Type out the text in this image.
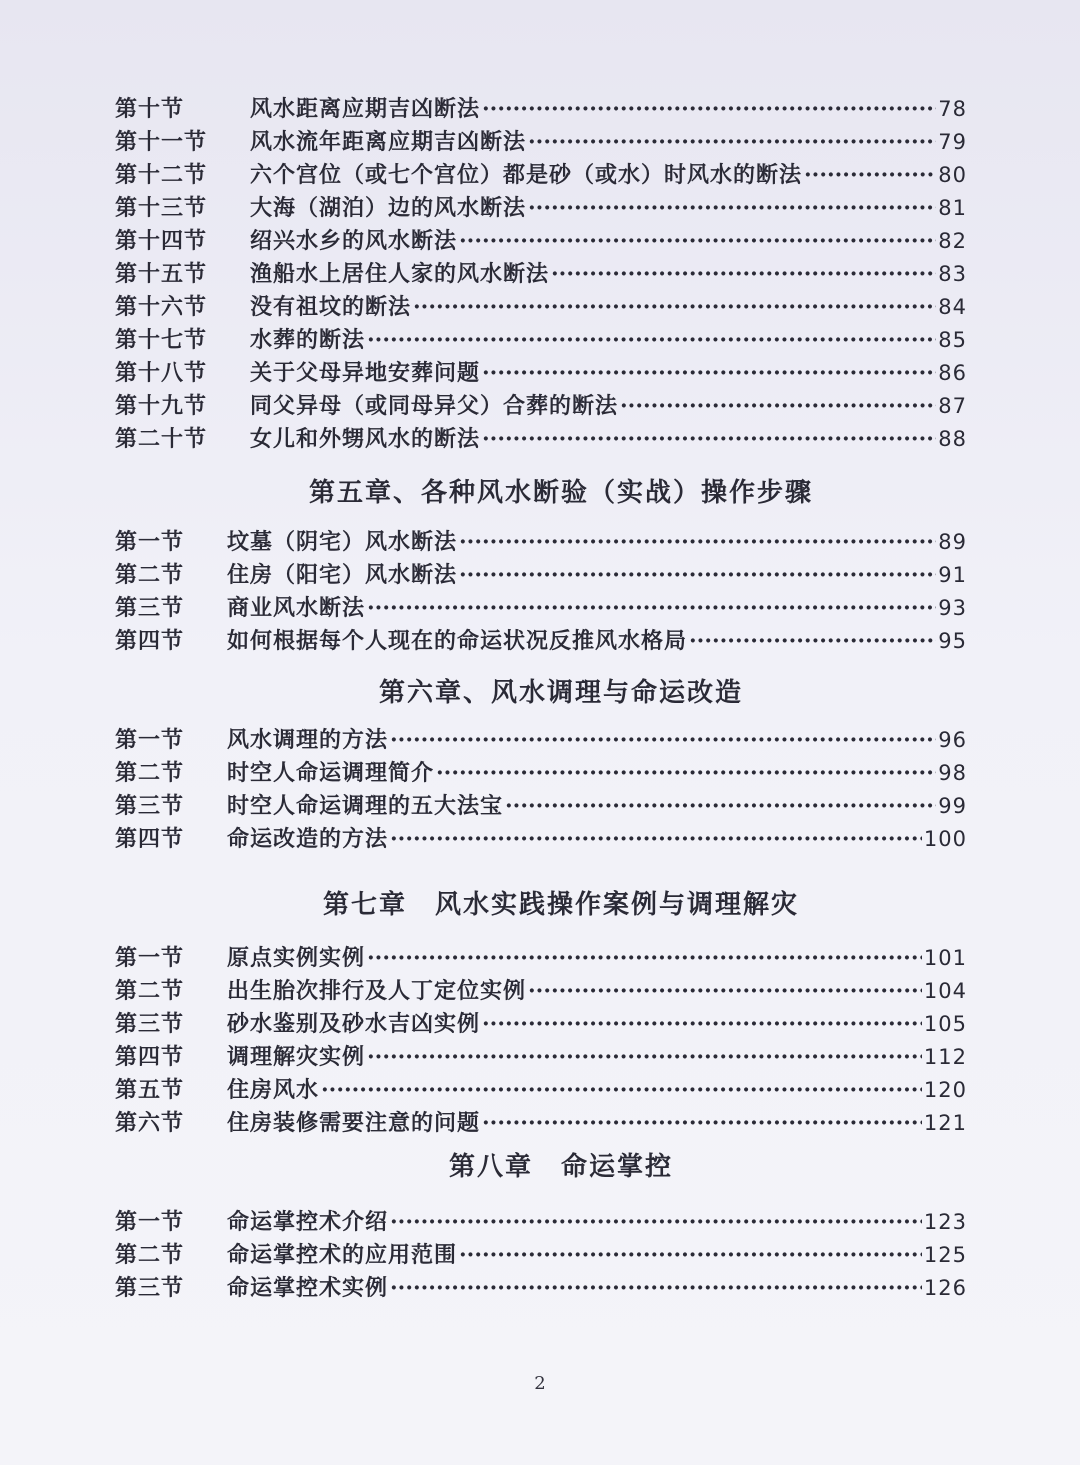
第十节	风水距离应期吉凶断法 ·····	78
第十一节	风水流年距离应期吉凶断法 ·····	79
第十二节	六个宫位（或七个宫位）都是砂（或水）时风水的断法 ·····	80
第十三节	大海（湖泊）边的风水断法 ·····	81
第十四节	绍兴水乡的风水断法 ·····	82
第十五节	渔船水上居住人家的风水断法 ·····	83
第十六节	没有祖坟的断法 ·····	84
第十七节	水葬的断法 ·····	85
第十八节	关于父母异地安葬问题 ·····	86
第十九节	同父异母（或同母异父）合葬的断法 ·····	87
第二十节	女儿和外甥风水的断法 ·····	88
第五章、各种风水断验（实战）操作步骤
第一节	坟墓（阴宅）风水断法 ·····	89
第二节	住房（阳宅）风水断法 ·····	91
第三节	商业风水断法 ·····	93
第四节	如何根据每个人现在的命运状况反推风水格局 ·····	95
第六章、风水调理与命运改造
第一节	风水调理的方法 ·····	96
第二节	时空人命运调理简介 ·····	98
第三节	时空人命运调理的五大法宝 ·····	99
第四节	命运改造的方法 ·····	100
第七章　风水实践操作案例与调理解灾
第一节	原点实例实例 ·····	101
第二节	出生胎次排行及人丁定位实例 ·····	104
第三节	砂水鉴别及砂水吉凶实例 ·····	105
第四节	调理解灾实例 ·····	112
第五节	住房风水 ·····	120
第六节	住房装修需要注意的问题 ·····	121
第八章　命运掌控
第一节	命运掌控术介绍 ·····	123
第二节	命运掌控术的应用范围 ·····	125
第三节	命运掌控术实例 ·····	126
2
